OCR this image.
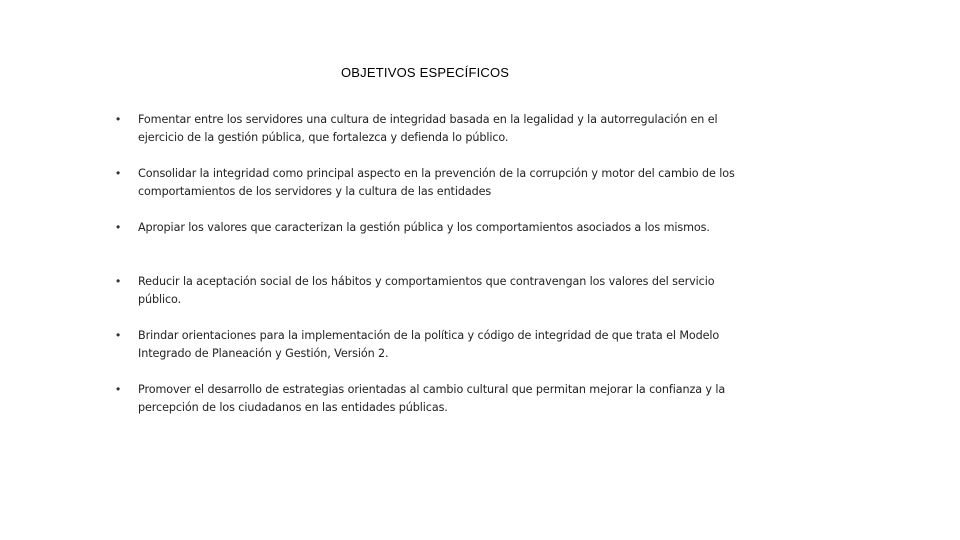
OBJETIVOS ESPECÍFICOS
•	Fomentar entre los servidores una cultura de integridad basada en la legalidad y la autorregulación en el ejercicio de la gestión pública, que fortalezca y defienda lo público.
•	Consolidar la integridad como principal aspecto en la prevención de la corrupción y motor del cambio de los comportamientos de los servidores y la cultura de las entidades
•	Apropiar los valores que caracterizan la gestión pública y los comportamientos asociados a los mismos.
•	Reducir la aceptación social de los hábitos y comportamientos que contravengan los valores del servicio público.
•	Brindar orientaciones para la implementación de la política y código de integridad de que trata el Modelo Integrado de Planeación y Gestión, Versión 2.
•	Promover el desarrollo de estrategias orientadas al cambio cultural que permitan mejorar la confianza y la percepción de los ciudadanos en las entidades públicas.
